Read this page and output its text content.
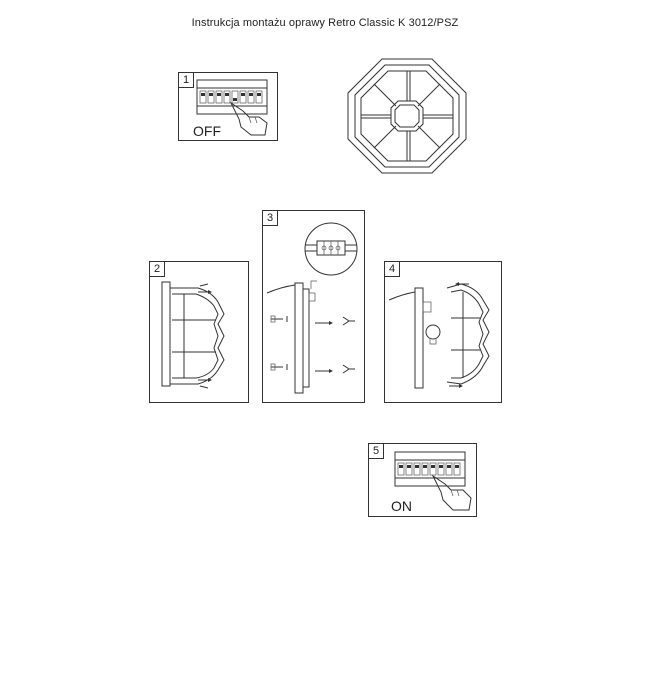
Instrukcja montażu oprawy Retro Classic K 3012/PSZ
1
OFF
2
3
4
5
ON
